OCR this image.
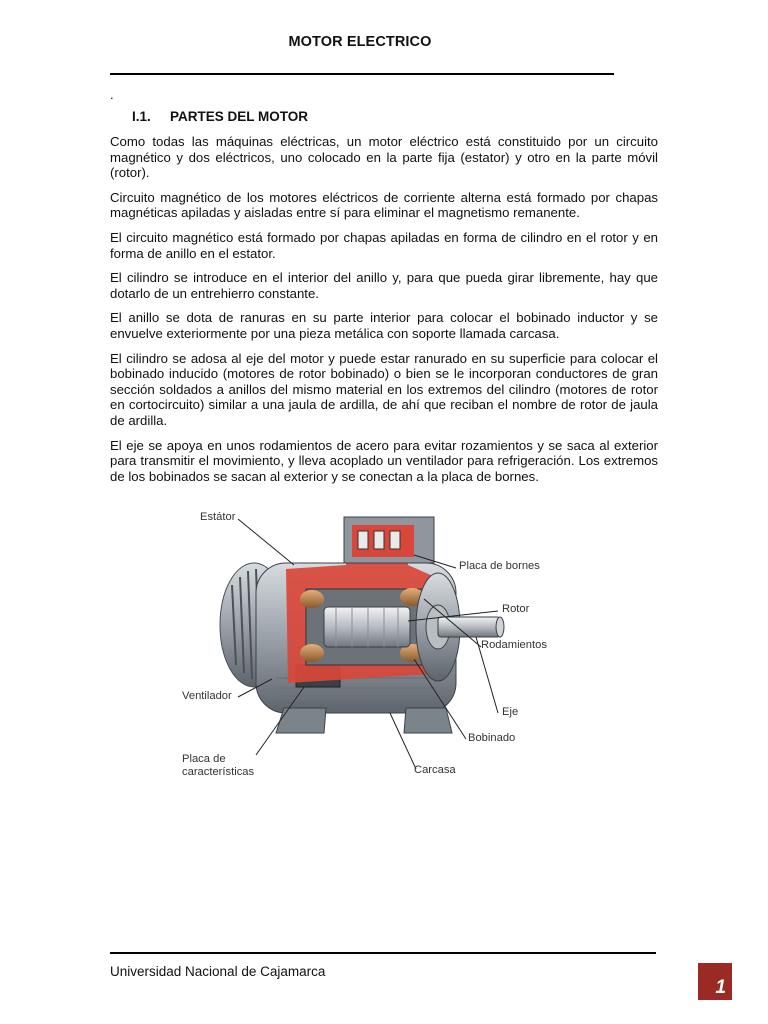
MOTOR ELECTRICO
.
I.1. PARTES DEL MOTOR

Como todas las máquinas eléctricas, un motor eléctrico está constituido por un circuito magnético y dos eléctricos, uno colocado en la parte fija (estator) y otro en la parte móvil (rotor).

Circuito magnético de los motores eléctricos de corriente alterna está formado por chapas magnéticas apiladas y aisladas entre sí para eliminar el magnetismo remanente.

El circuito magnético está formado por chapas apiladas en forma de cilindro en el rotor y en forma de anillo en el estator.

El cilindro se introduce en el interior del anillo y, para que pueda girar libremente, hay que dotarlo de un entrehierro constante.

El anillo se dota de ranuras en su parte interior para colocar el bobinado inductor y se envuelve exteriormente por una pieza metálica con soporte llamada carcasa.

El cilindro se adosa al eje del motor y puede estar ranurado en su superficie para colocar el bobinado inducido (motores de rotor bobinado) o bien se le incorporan conductores de gran sección soldados a anillos del mismo material en los extremos del cilindro (motores de rotor en cortocircuito) similar a una jaula de ardilla, de ahí que reciban el nombre de rotor de jaula de ardilla.

El eje se apoya en unos rodamientos de acero para evitar rozamientos y se saca al exterior para transmitir el movimiento, y lleva acoplado un ventilador para refrigeración. Los extremos de los bobinados se sacan al exterior y se conectan a la placa de bornes.

Estátor
Placa de bornes
Rotor
Rodamientos
Ventilador
Eje
Bobinado
Placa de
características	Carcasa
Universidad Nacional de Cajamarca
1
